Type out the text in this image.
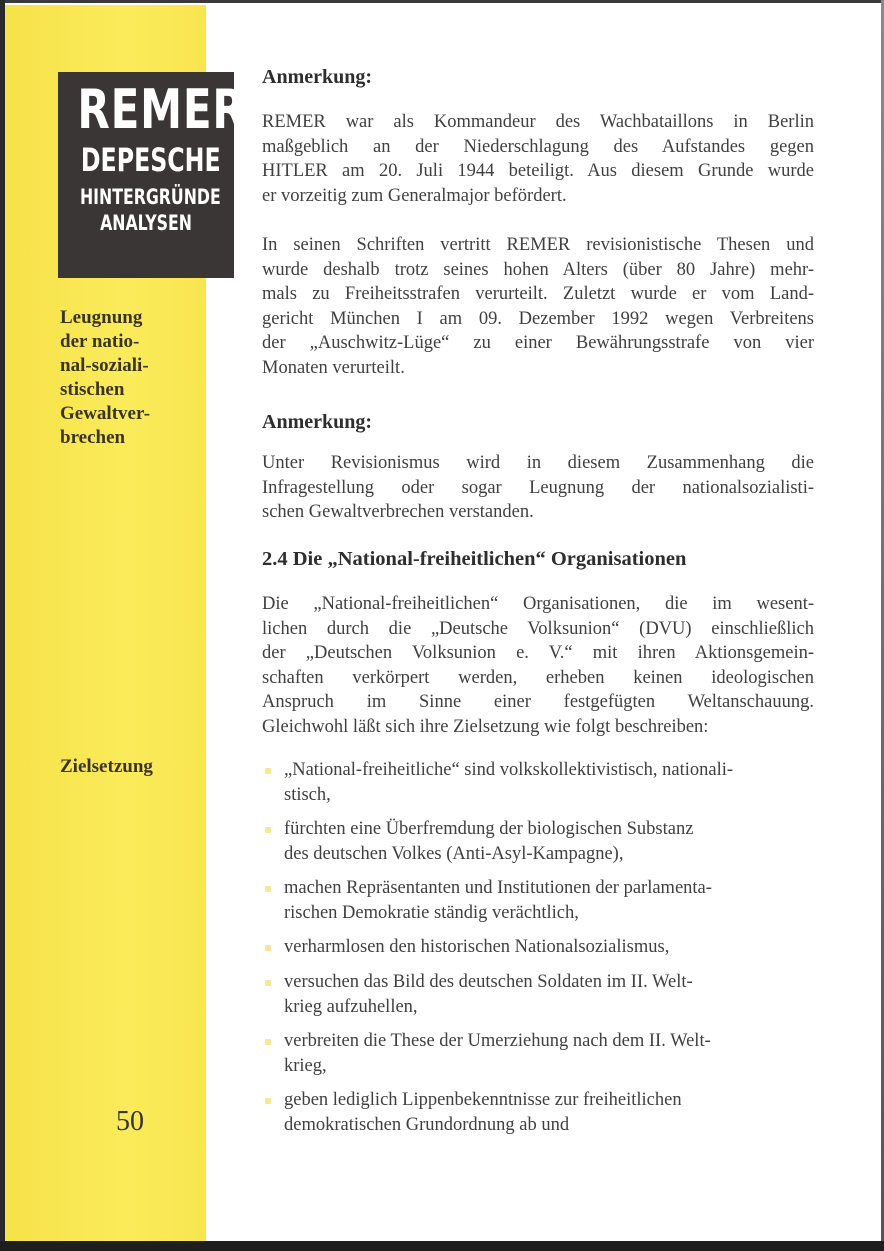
REMER
DEPESCHE
HINTERGRÜNDE
ANALYSEN
Leugnung
der natio-
nal-soziali-
stischen
Gewaltver-
brechen
Zielsetzung
50
Anmerkung:
REMER war als Kommandeur des Wachbataillons in Berlin
maßgeblich an der Niederschlagung des Aufstandes gegen
HITLER am 20. Juli 1944 beteiligt. Aus diesem Grunde wurde
er vorzeitig zum Generalmajor befördert.
In seinen Schriften vertritt REMER revisionistische Thesen und
wurde deshalb trotz seines hohen Alters (über 80 Jahre) mehr-
mals zu Freiheitsstrafen verurteilt. Zuletzt wurde er vom Land-
gericht München I am 09. Dezember 1992 wegen Verbreitens
der „Auschwitz-Lüge“ zu einer Bewährungsstrafe von vier
Monaten verurteilt.
Anmerkung:
Unter Revisionismus wird in diesem Zusammenhang die
Infragestellung oder sogar Leugnung der nationalsozialisti-
schen Gewaltverbrechen verstanden.
2.4 Die „National-freiheitlichen“ Organisationen
Die „National-freiheitlichen“ Organisationen, die im wesent-
lichen durch die „Deutsche Volksunion“ (DVU) einschließlich
der „Deutschen Volksunion e. V.“ mit ihren Aktionsgemein-
schaften verkörpert werden, erheben keinen ideologischen
Anspruch im Sinne einer festgefügten Weltanschauung.
Gleichwohl läßt sich ihre Zielsetzung wie folgt beschreiben:
„National-freiheitliche“ sind volkskollektivistisch, nationali-
stisch,
fürchten eine Überfremdung der biologischen Substanz
des deutschen Volkes (Anti-Asyl-Kampagne),
machen Repräsentanten und Institutionen der parlamenta-
rischen Demokratie ständig verächtlich,
verharmlosen den historischen Nationalsozialismus,
versuchen das Bild des deutschen Soldaten im II. Welt-
krieg aufzuhellen,
verbreiten die These der Umerziehung nach dem II. Welt-
krieg,
geben lediglich Lippenbekenntnisse zur freiheitlichen
demokratischen Grundordnung ab und
